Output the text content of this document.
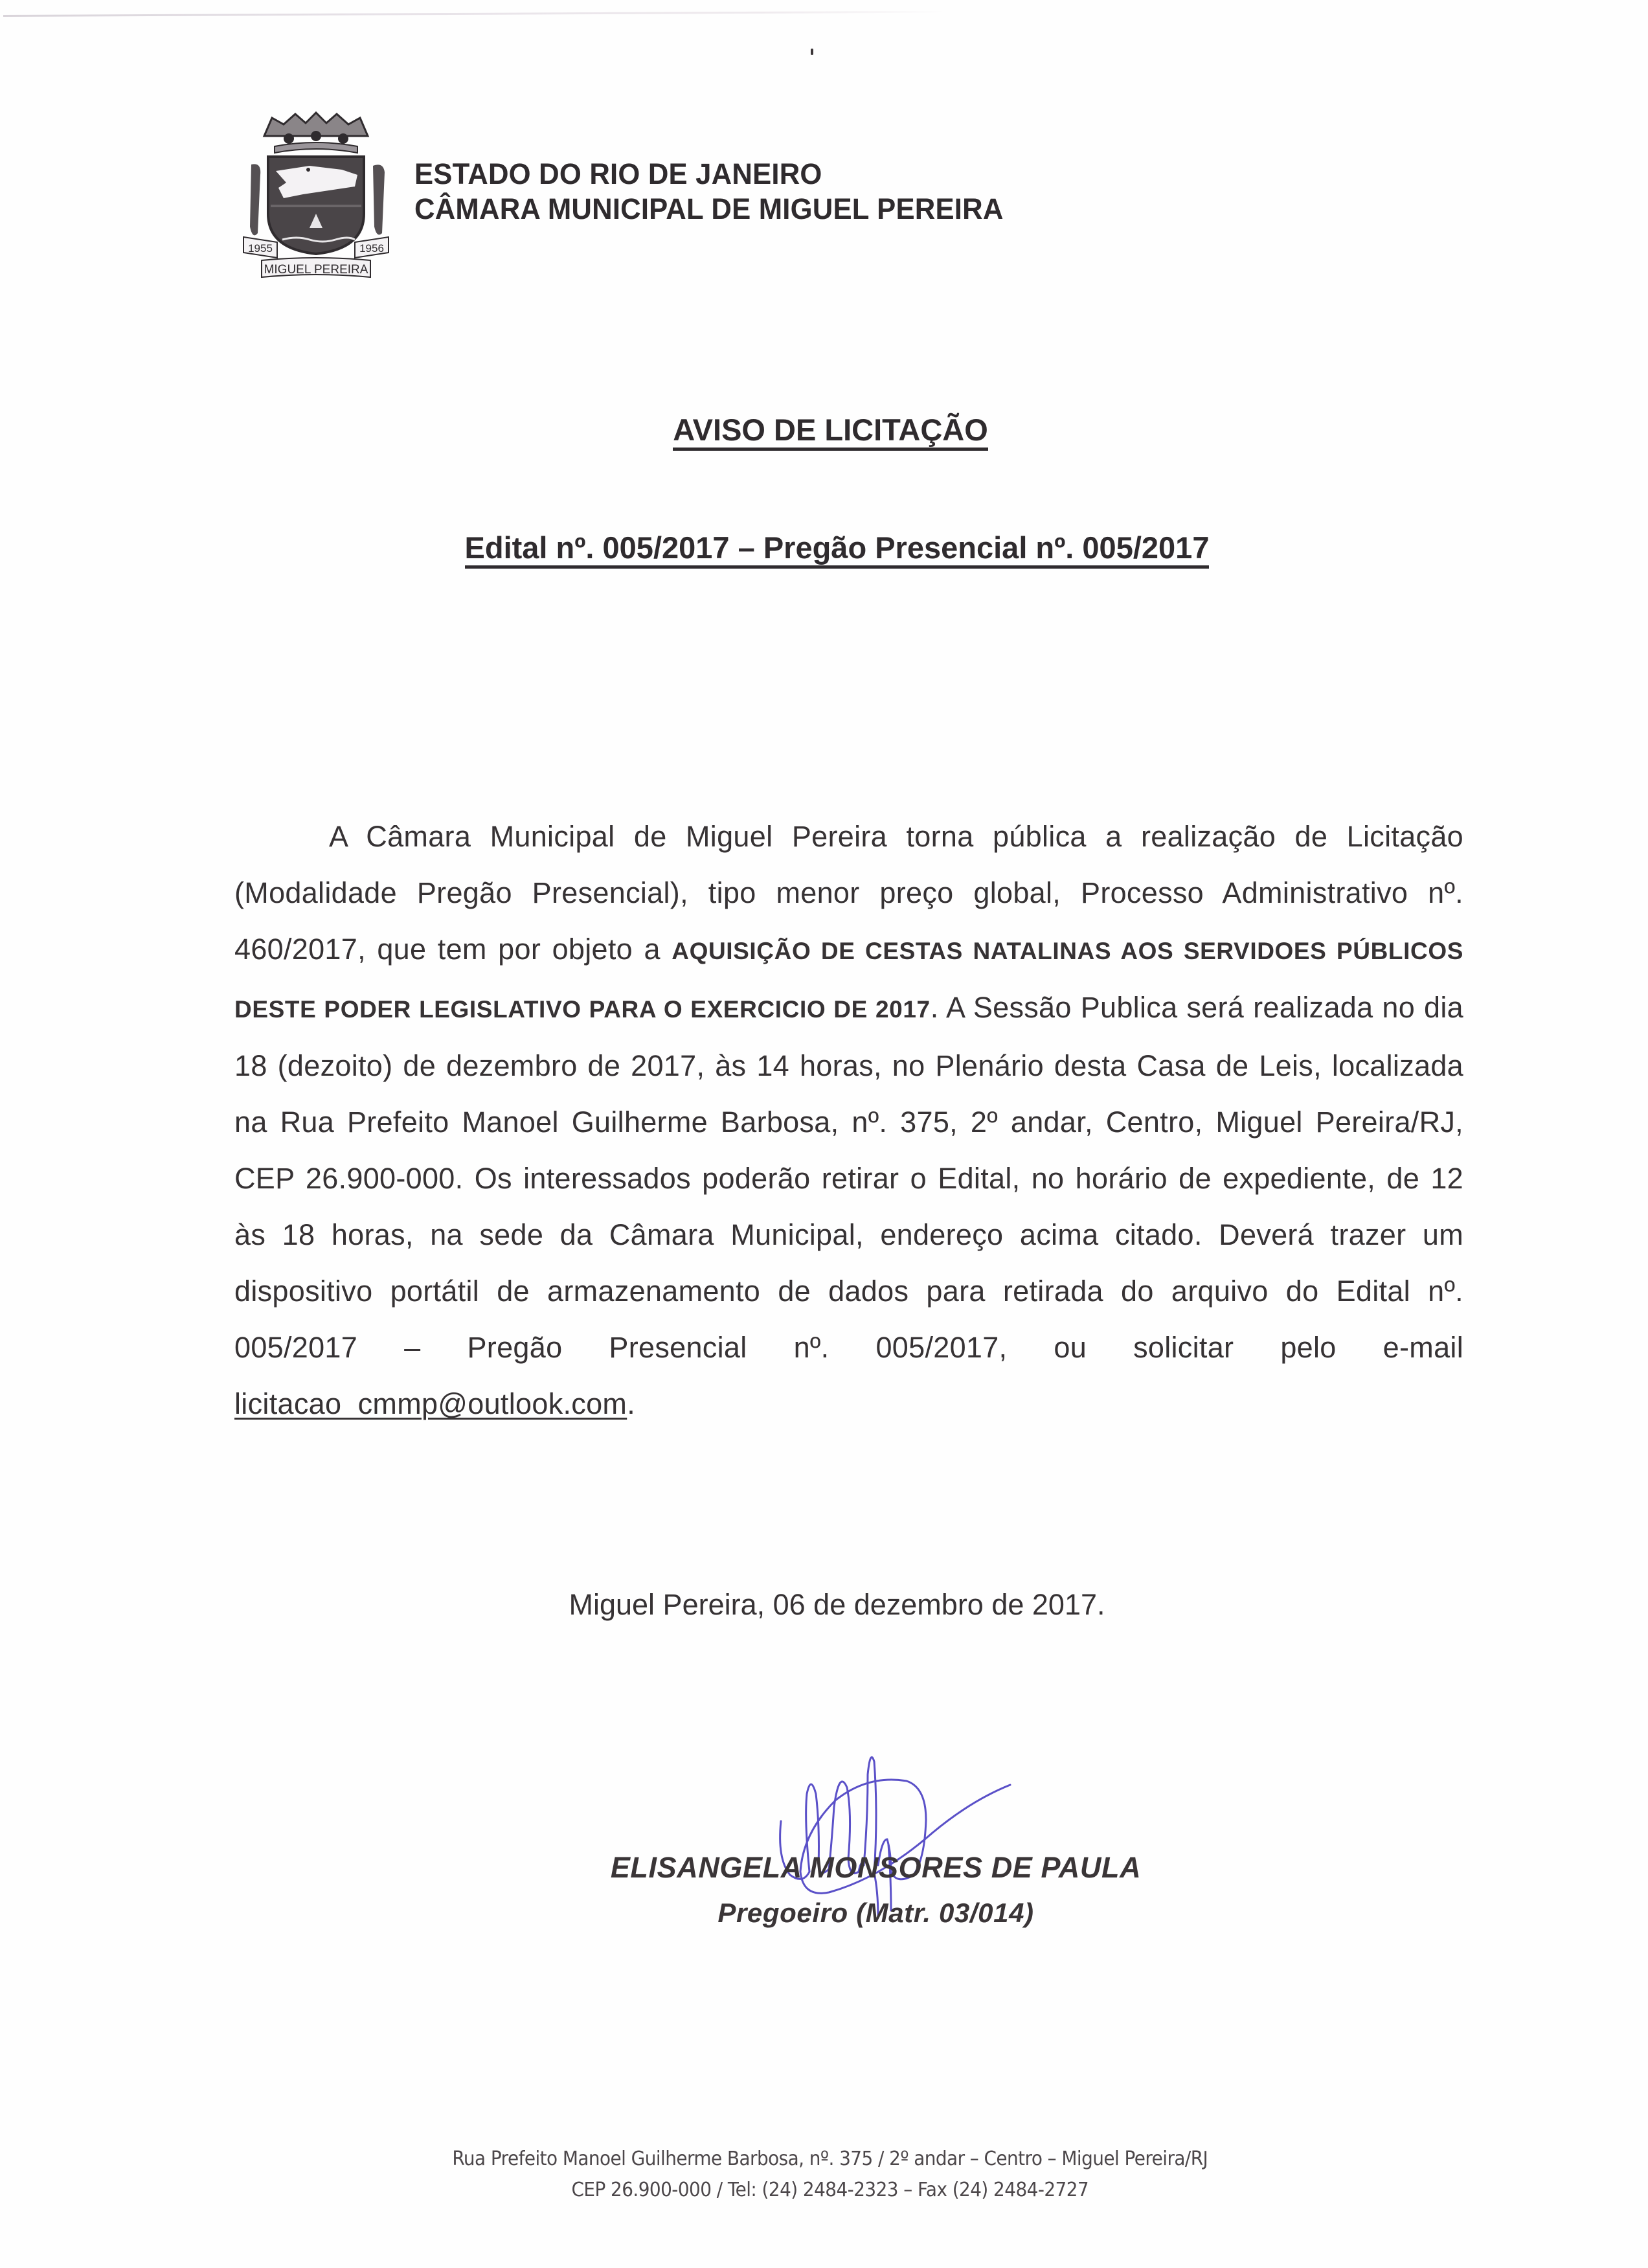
1955	1956
MIGUEL PEREIRA
ESTADO DO RIO DE JANEIRO
CÂMARA MUNICIPAL DE MIGUEL PEREIRA
AVISO DE LICITAÇÃO
Edital nº. 005/2017 – Pregão Presencial nº. 005/2017
A Câmara Municipal de Miguel Pereira torna pública a realização de Licitação (Modalidade Pregão Presencial), tipo menor preço global, Processo Administrativo nº. 460/2017, que tem por objeto a AQUISIÇÃO DE CESTAS NATALINAS AOS SERVIDOES PÚBLICOS DESTE PODER LEGISLATIVO PARA O EXERCICIO DE 2017. A Sessão Publica será realizada no dia 18 (dezoito) de dezembro de 2017, às 14 horas, no Plenário desta Casa de Leis, localizada na Rua Prefeito Manoel Guilherme Barbosa, nº. 375, 2º andar, Centro, Miguel Pereira/RJ, CEP 26.900-000. Os interessados poderão retirar o Edital, no horário de expediente, de 12 às 18 horas, na sede da Câmara Municipal, endereço acima citado. Deverá trazer um dispositivo portátil de armazenamento de dados para retirada do arquivo do Edital nº. 005/2017 – Pregão Presencial nº. 005/2017, ou solicitar pelo e-mail licitacao_cmmp@outlook.com.
Miguel Pereira, 06 de dezembro de 2017.
ELISANGELA MONSORES DE PAULA
Pregoeiro (Matr. 03/014)
Rua Prefeito Manoel Guilherme Barbosa, nº. 375 / 2º andar – Centro – Miguel Pereira/RJ
CEP 26.900-000 / Tel: (24) 2484-2323 – Fax (24) 2484-2727
